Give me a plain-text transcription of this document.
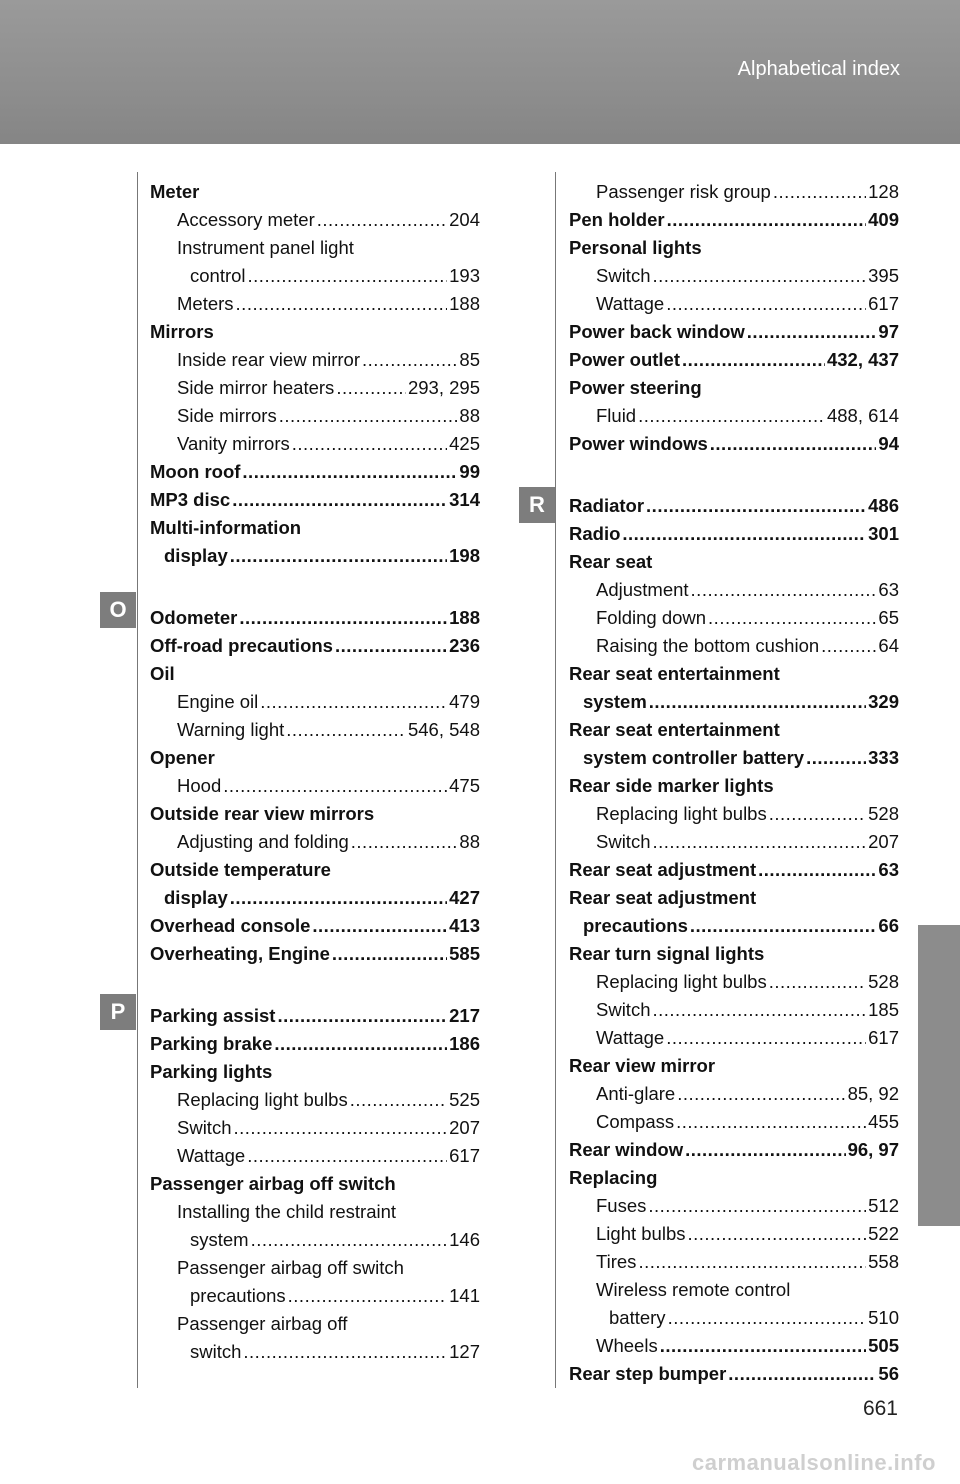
Alphabetical index
O
P
R
Meter
Accessory meter .....	204
Instrument panel light
control .....	193
Meters .....	188
Mirrors
Inside rear view mirror .....	85
Side mirror heaters .....	293, 295
Side mirrors .....	88
Vanity mirrors .....	425
Moon roof .....	99
MP3 disc .....	314
Multi-information
display .....	198
Odometer .....	188
Off-road precautions .....	236
Oil
Engine oil .....	479
Warning light .....	546, 548
Opener
Hood .....	475
Outside rear view mirrors
Adjusting and folding .....	88
Outside temperature
display .....	427
Overhead console .....	413
Overheating, Engine .....	585
Parking assist .....	217
Parking brake .....	186
Parking lights
Replacing light bulbs .....	525
Switch .....	207
Wattage .....	617
Passenger airbag off switch
Installing the child restraint
system .....	146
Passenger airbag off switch
precautions .....	141
Passenger airbag off
switch .....	127
Passenger risk group .....	128
Pen holder .....	409
Personal lights
Switch .....	395
Wattage .....	617
Power back window .....	97
Power outlet .....	432, 437
Power steering
Fluid .....	488, 614
Power windows .....	94
Radiator .....	486
Radio .....	301
Rear seat
Adjustment .....	63
Folding down .....	65
Raising the bottom cushion .....	64
Rear seat entertainment
system .....	329
Rear seat entertainment
system controller battery .....	333
Rear side marker lights
Replacing light bulbs .....	528
Switch .....	207
Rear seat adjustment .....	63
Rear seat adjustment
precautions .....	66
Rear turn signal lights
Replacing light bulbs .....	528
Switch .....	185
Wattage .....	617
Rear view mirror
Anti-glare .....	85, 92
Compass .....	455
Rear window .....	96, 97
Replacing
Fuses .....	512
Light bulbs .....	522
Tires .....	558
Wireless remote control
battery .....	510
Wheels .....	505
Rear step bumper .....	56
661
carmanualsonline.info
